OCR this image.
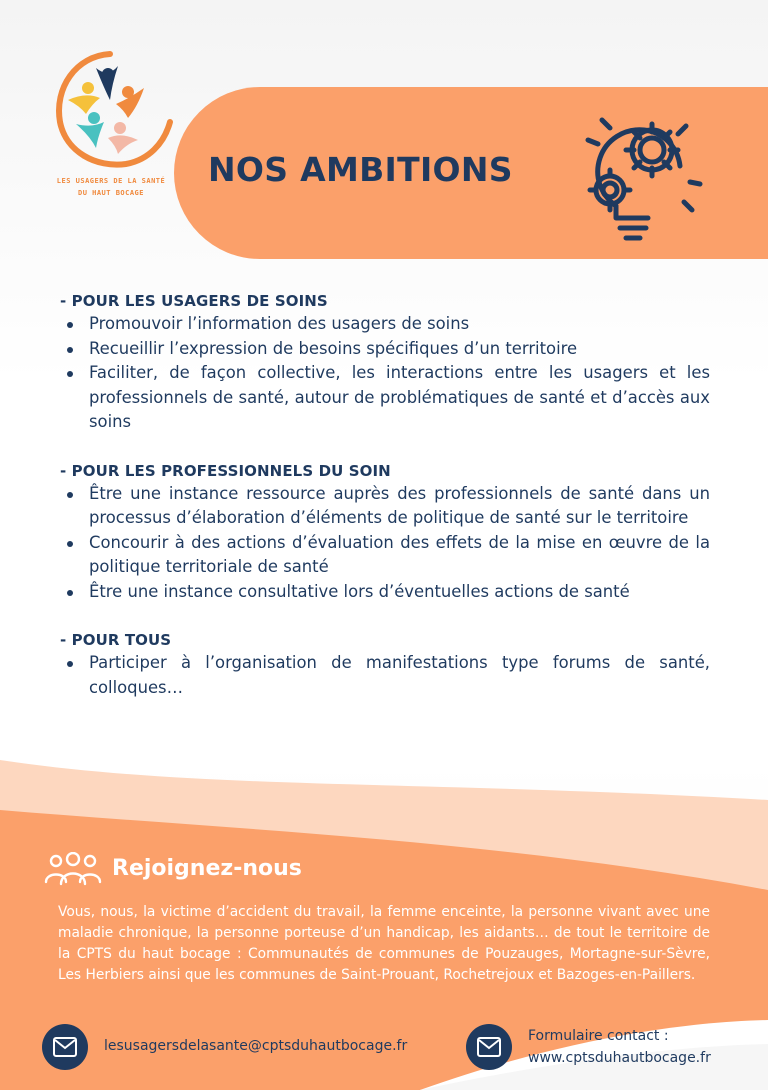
LES USAGERS DE LA SANTÉ
DU HAUT BOCAGE
NOS AMBITIONS
- POUR LES USAGERS DE SOINS
Promouvoir l’information des usagers de soins
Recueillir l’expression de besoins spécifiques d’un territoire
Faciliter, de façon collective, les interactions entre les usagers et les professionnels de santé, autour de problématiques de santé et d’accès aux soins
- POUR LES PROFESSIONNELS DU SOIN
Être une instance ressource auprès des professionnels de santé dans un processus d’élaboration d’éléments de politique de santé sur le territoire
Concourir à des actions d’évaluation des effets de la mise en œuvre de la politique territoriale de santé
Être une instance consultative lors d’éventuelles actions de santé
- POUR TOUS
Participer à l’organisation de manifestations type forums de santé, colloques…
Rejoignez-nous

Vous, nous, la victime d’accident du travail, la femme enceinte, la personne vivant avec une maladie chronique, la personne porteuse d’un handicap, les aidants… de tout le territoire de la CPTS du haut bocage : Communautés de communes de Pouzauges, Mortagne-sur-Sèvre, Les Herbiers ainsi que les communes de Saint-Prouant, Rochetrejoux et Bazoges-en-Paillers.

lesusagersdelasante@cptsduhautbocage.fr
Formulaire contact :
www.cptsduhautbocage.fr
